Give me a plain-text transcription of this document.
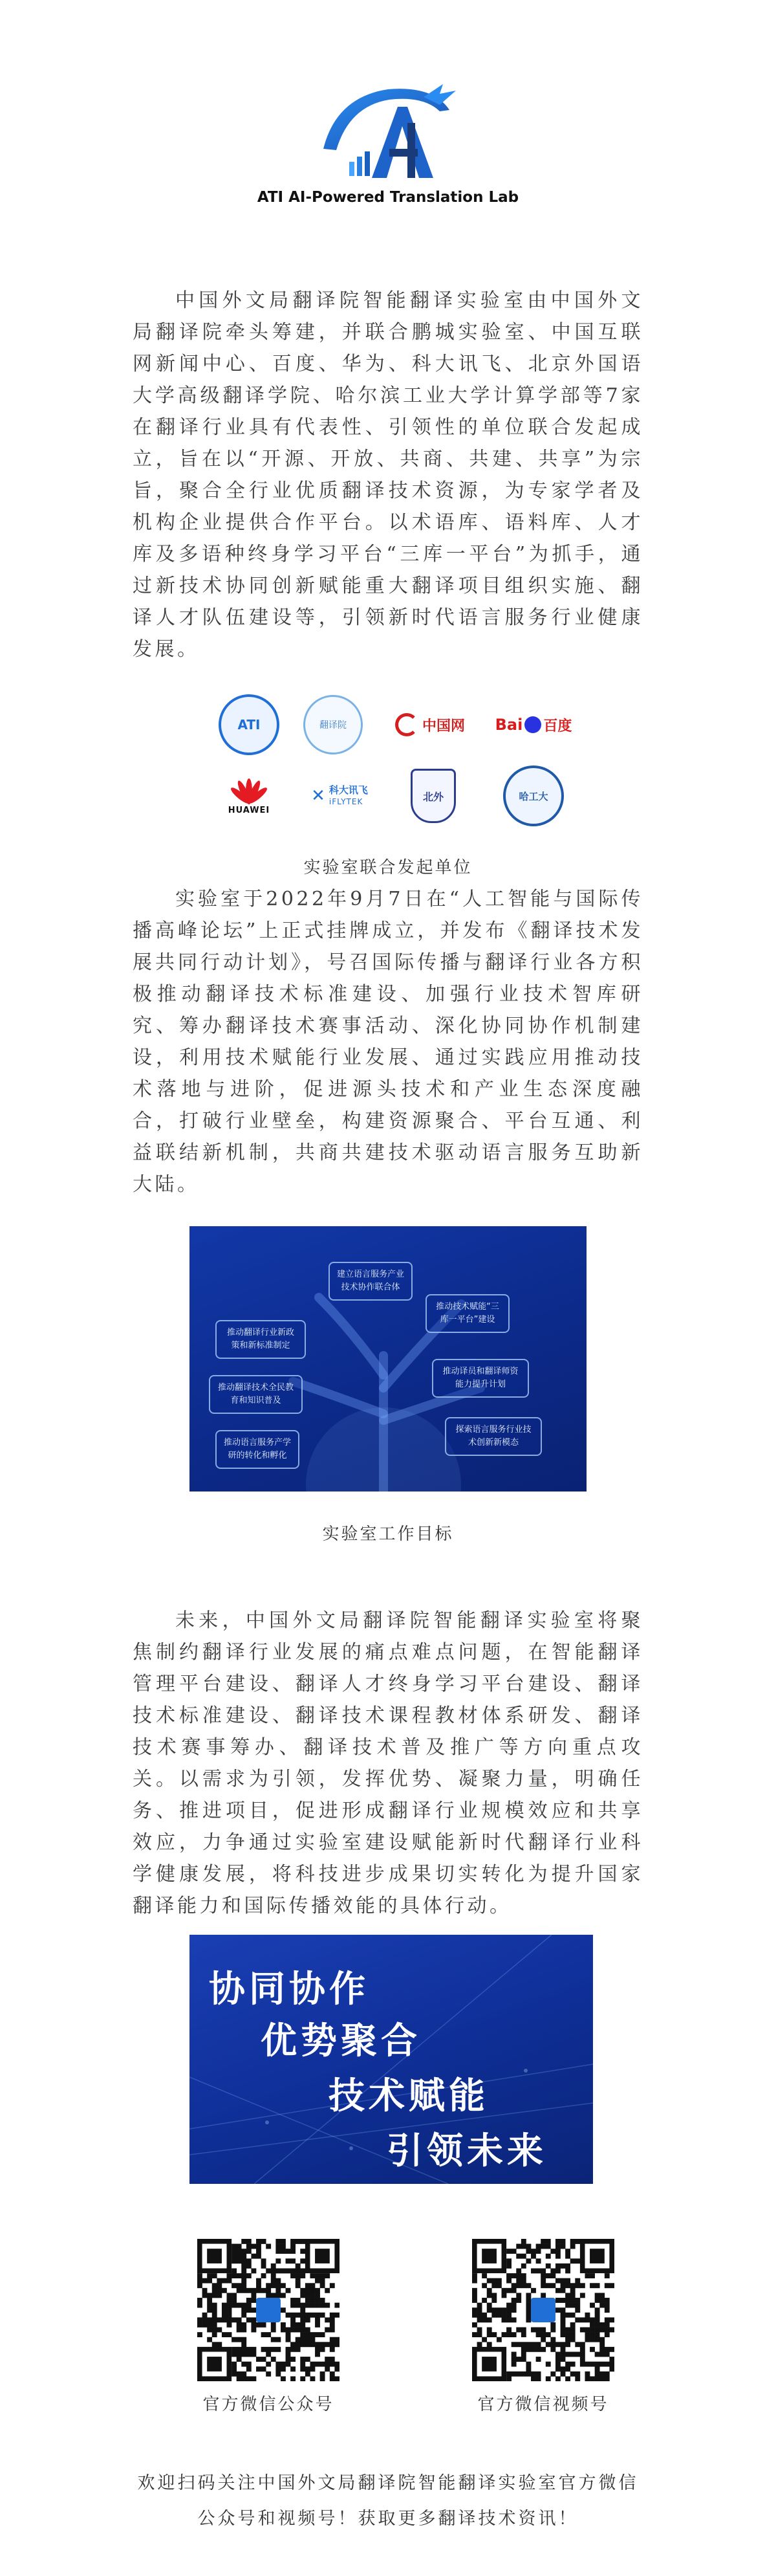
ATI AI-Powered Translation Lab

中国外文局翻译院智能翻译实验室由中国外文局翻译院牵头筹建，并联合鹏城实验室、中国互联网新闻中心、百度、华为、科大讯飞、北京外国语大学高级翻译学院、哈尔滨工业大学计算学部等7家在翻译行业具有代表性、引领性的单位联合发起成立，旨在以“开源、开放、共商、共建、共享”为宗旨，聚合全行业优质翻译技术资源，为专家学者及机构企业提供合作平台。以术语库、语料库、人才库及多语种终身学习平台“三库一平台”为抓手，通过新技术协同创新赋能重大翻译项目组织实施、翻译人才队伍建设等，引领新时代语言服务行业健康发展。

ATI	翻译院	中国网 Bai 百度
HUAWEI
✕ 科大讯飞
iFLYTEK	北外	哈工大
实验室联合发起单位

实验室于2022年9月7日在“人工智能与国际传播高峰论坛”上正式挂牌成立，并发布《翻译技术发展共同行动计划》，号召国际传播与翻译行业各方积极推动翻译技术标准建设、加强行业技术智库研究、筹办翻译技术赛事活动、深化协同协作机制建设，利用技术赋能行业发展、通过实践应用推动技术落地与进阶，促进源头技术和产业生态深度融合，打破行业壁垒，构建资源聚合、平台互通、利益联结新机制，共商共建技术驱动语言服务互助新大陆。

建立语言服务产业技术协作联合体
推动技术赋能“三库一平台”建设
推动翻译行业新政策和新标准制定
推动翻译技术全民教育和知识普及
推动译员和翻译师资能力提升计划
推动语言服务产学研的转化和孵化
探索语言服务行业技术创新新模态
实验室工作目标

未来，中国外文局翻译院智能翻译实验室将聚焦制约翻译行业发展的痛点难点问题，在智能翻译管理平台建设、翻译人才终身学习平台建设、翻译技术标准建设、翻译技术课程教材体系研发、翻译技术赛事筹办、翻译技术普及推广等方向重点攻关。以需求为引领，发挥优势、凝聚力量，明确任务、推进项目，促进形成翻译行业规模效应和共享效应，力争通过实验室建设赋能新时代翻译行业科学健康发展，将科技进步成果切实转化为提升国家翻译能力和国际传播效能的具体行动。

协同协作
优势聚合
技术赋能
引领未来
官方微信公众号	官方微信视频号
欢迎扫码关注中国外文局翻译院智能翻译实验室官方微信
公众号和视频号！获取更多翻译技术资讯！
